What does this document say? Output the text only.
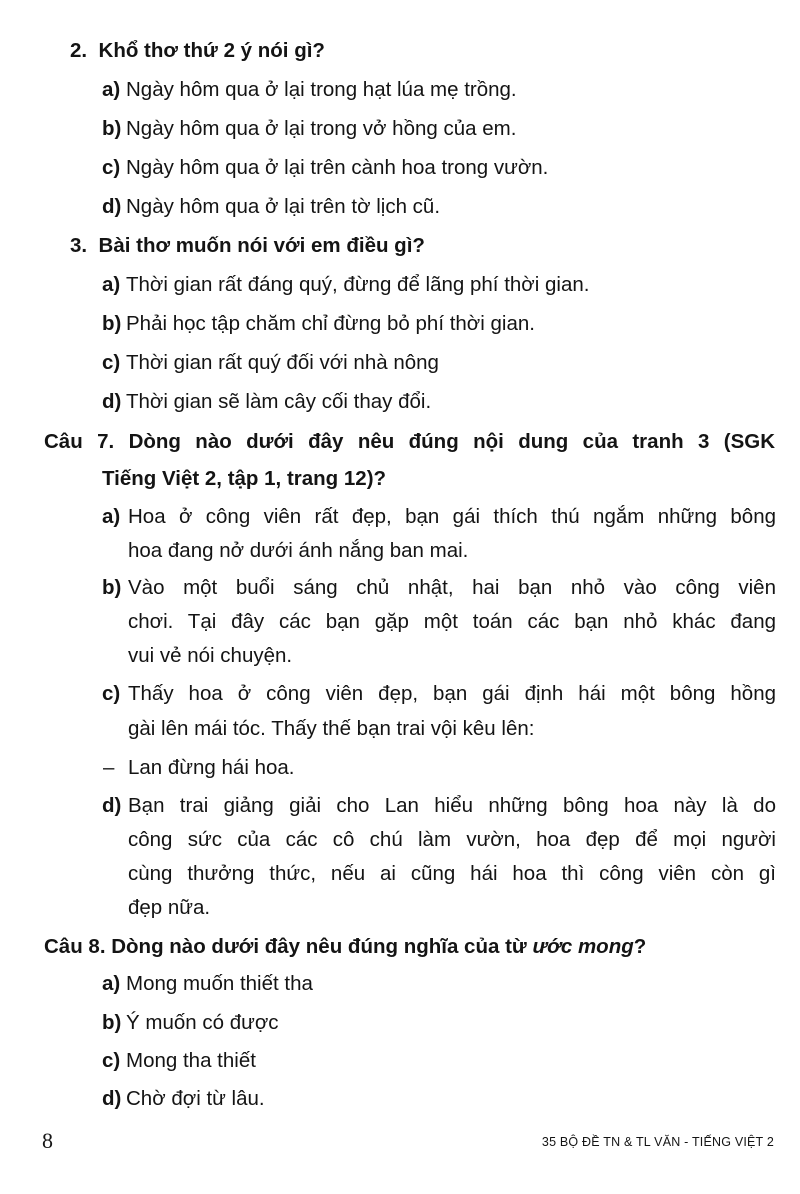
2. Khổ thơ thứ 2 ý nói gì?
a) Ngày hôm qua ở lại trong hạt lúa mẹ trồng.
b) Ngày hôm qua ở lại trong vở hồng của em.
c) Ngày hôm qua ở lại trên cành hoa trong vườn.
d) Ngày hôm qua ở lại trên tờ lịch cũ.
3. Bài thơ muốn nói với em điều gì?
a) Thời gian rất đáng quý, đừng để lãng phí thời gian.
b) Phải học tập chăm chỉ đừng bỏ phí thời gian.
c) Thời gian rất quý đối với nhà nông
d) Thời gian sẽ làm cây cối thay đổi.
Câu 7. Dòng nào dưới đây nêu đúng nội dung của tranh 3 (SGK
Tiếng Việt 2, tập 1, trang 12)?
a) Hoa ở công viên rất đẹp, bạn gái thích thú ngắm những bông
hoa đang nở dưới ánh nắng ban mai.
b) Vào một buổi sáng chủ nhật, hai bạn nhỏ vào công viên
chơi. Tại đây các bạn gặp một toán các bạn nhỏ khác đang
vui vẻ nói chuyện.
c) Thấy hoa ở công viên đẹp, bạn gái định hái một bông hồng
gài lên mái tóc. Thấy thế bạn trai vội kêu lên:
– Lan đừng hái hoa.
d) Bạn trai giảng giải cho Lan hiểu những bông hoa này là do
công sức của các cô chú làm vườn, hoa đẹp để mọi người
cùng thưởng thức, nếu ai cũng hái hoa thì công viên còn gì
đẹp nữa.
Câu 8. Dòng nào dưới đây nêu đúng nghĩa của từ ước mong?
a) Mong muốn thiết tha
b) Ý muốn có được
c) Mong tha thiết
d) Chờ đợi từ lâu.
8	35 BỘ ĐỀ TN & TL VĂN - TIẾNG VIỆT 2
